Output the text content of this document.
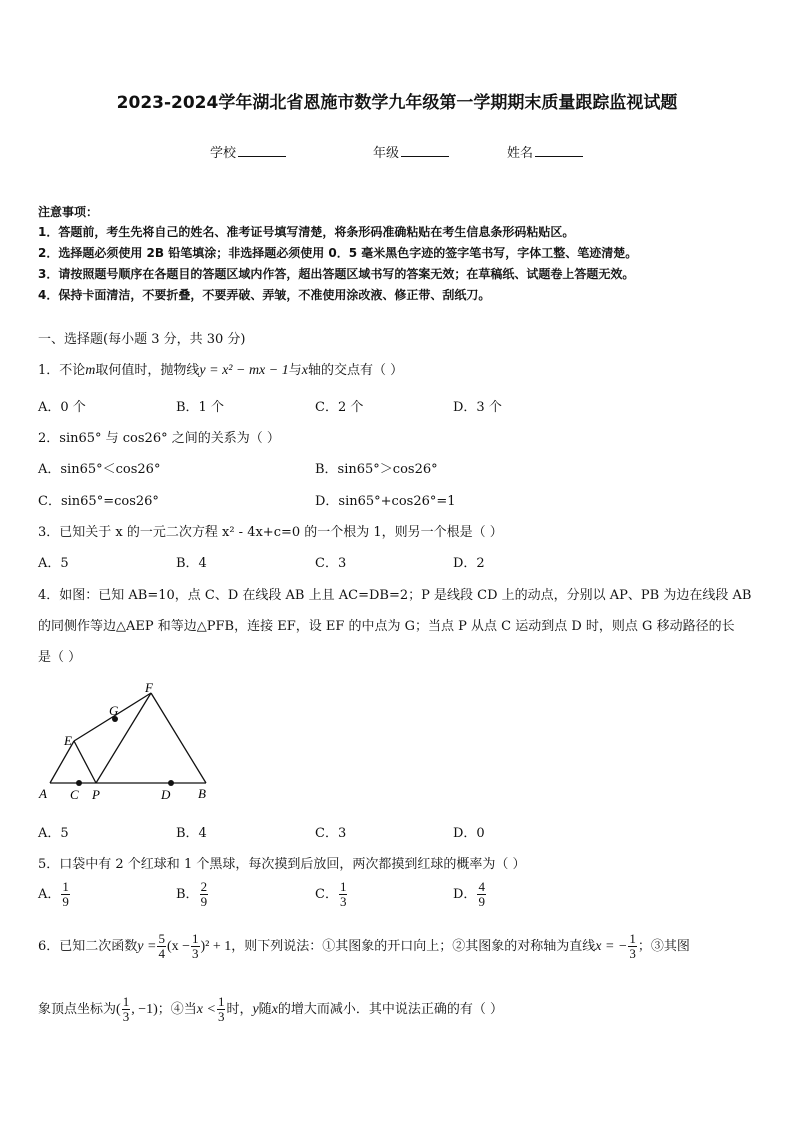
2023-2024学年湖北省恩施市数学九年级第一学期期末质量跟踪监视试题
学校	年级	姓名
注意事项：
1．答题前，考生先将自己的姓名、准考证号填写清楚，将条形码准确粘贴在考生信息条形码粘贴区。
2．选择题必须使用 2B 铅笔填涂；非选择题必须使用 0．5 毫米黑色字迹的签字笔书写，字体工整、笔迹清楚。
3．请按照题号顺序在各题目的答题区域内作答，超出答题区域书写的答案无效；在草稿纸、试题卷上答题无效。
4．保持卡面清洁，不要折叠，不要弄破、弄皱，不准使用涂改液、修正带、刮纸刀。
一、选择题(每小题 3 分，共 30 分)
1．不论m取何值时，抛物线y = x² − mx − 1与x轴的交点有（ ）
A．0 个	B．1 个	C．2 个	D．3 个
2．sin65° 与 cos26° 之间的关系为（ ）
A．sin65°＜cos26°	B．sin65°＞cos26°
C．sin65°=cos26°	D．sin65°+cos26°=1
3．已知关于 x 的一元二次方程 x² - 4x+c=0 的一个根为 1，则另一个根是（ ）
A．5	B．4	C．3	D．2
4．如图：已知 AB=10，点 C、D 在线段 AB 上且 AC=DB=2；P 是线段 CD 上的动点，分别以 AP、PB 为边在线段 AB
的同侧作等边△AEP 和等边△PFB，连接 EF，设 EF 的中点为 G；当点 P 从点 C 运动到点 D 时，则点 G 移动路径的长
是（ ）
A C P	D B
E
F
G
A．5	B．4	C．3	D．0
5．口袋中有 2 个红球和 1 个黑球，每次摸到后放回，两次都摸到红球的概率为（ ）
A． $\frac{1}{9}$	B． $\frac{2}{9}$	C． $\frac{1}{3}$	D． $\frac{4}{9}$
6．已知二次函数$y = \frac{5}{4} (x - \frac{1}{3} )^2 + 1$，则下列说法：①其图象的开口向上；②其图象的对称轴为直线x = − $\frac{1}{3}$ ；③其图
象顶点坐标为( $\frac{1}{3}$ , −1)；④当$x < \frac{1}{3}$ 时，y随x的增大而减小．其中说法正确的有（ ）
